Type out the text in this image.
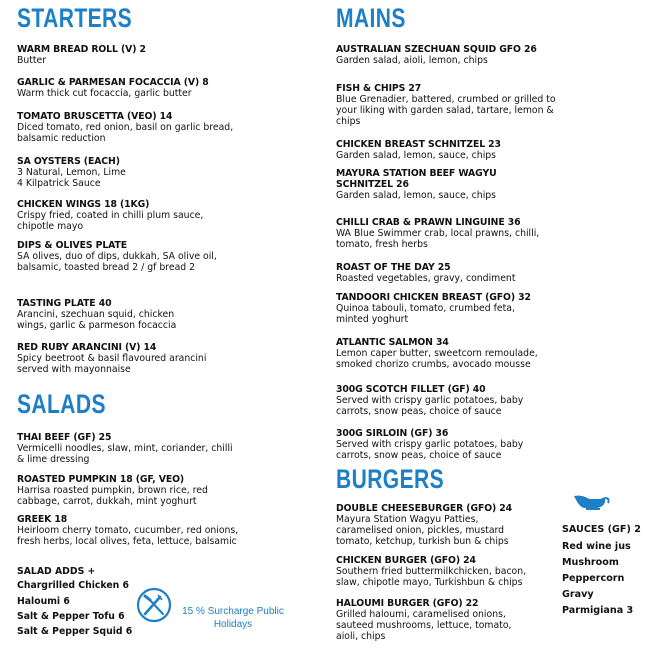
STARTERS
WARM BREAD ROLL (V) 2
Butter
GARLIC & PARMESAN FOCACCIA (V) 8
Warm thick cut focaccia, garlic butter
TOMATO BRUSCETTA (VEO) 14
Diced tomato, red onion, basil on garlic bread, balsamic reduction
SA OYSTERS (EACH)
3 Natural, Lemon, Lime
4 Kilpatrick Sauce
CHICKEN WINGS 18 (1KG)
Crispy fried, coated in chilli plum sauce, chipotle mayo
DIPS & OLIVES PLATE
SA olives, duo of dips, dukkah, SA olive oil, balsamic, toasted bread 2 / gf bread 2
TASTING PLATE 40
Arancini, szechuan squid, chicken wings, garlic & parmeson focaccia
RED RUBY ARANCINI (V) 14
Spicy beetroot & basil flavoured arancini served with mayonnaise
SALADS
THAI BEEF (GF) 25
Vermicelli noodles, slaw, mint, coriander, chilli & lime dressing
ROASTED PUMPKIN 18 (GF, VEO)
Harrisa roasted pumpkin, brown rice, red cabbage, carrot, dukkah, mint yoghurt
GREEK 18
Heirloom cherry tomato, cucumber, red onions, fresh herbs, local olives, feta, lettuce, balsamic
SALAD ADDS +
Chargrilled Chicken 6
Haloumi 6
Salt & Pepper Tofu 6
Salt & Pepper Squid 6
15 % Surcharge Public
Holidays
MAINS
AUSTRALIAN SZECHUAN SQUID GFO 26
Garden salad, aioli, lemon, chips
FISH & CHIPS 27
Blue Grenadier, battered, crumbed or grilled to your liking with garden salad, tartare, lemon & chips
CHICKEN BREAST SCHNITZEL 23
Garden salad, lemon, sauce, chips
MAYURA STATION BEEF WAGYU
SCHNITZEL 26
Garden salad, lemon, sauce, chips
CHILLI CRAB & PRAWN LINGUINE 36
WA Blue Swimmer crab, local prawns, chilli, tomato, fresh herbs
ROAST OF THE DAY 25
Roasted vegetables, gravy, condiment
TANDOORI CHICKEN BREAST (GFO) 32
Quinoa tabouli, tomato, crumbed feta, minted yoghurt
ATLANTIC SALMON 34
Lemon caper butter, sweetcorn remoulade, smoked chorizo crumbs, avocado mousse
300G SCOTCH FILLET (GF) 40
Served with crispy garlic potatoes, baby carrots, snow peas, choice of sauce
300G SIRLOIN (GF) 36
Served with crispy garlic potatoes, baby carrots, snow peas, choice of sauce
BURGERS
DOUBLE CHEESEBURGER (GFO) 24
Mayura Station Wagyu Patties, caramelised onion, pickles, mustard tomato, ketchup, turkish bun & chips
CHICKEN BURGER (GFO) 24
Southern fried buttermilkchicken, bacon, slaw, chipotle mayo, Turkishbun & chips
HALOUMI BURGER (GFO) 22
Grilled haloumi, caramelised onions, sauteed mushrooms, lettuce, tomato, aioli, chips
SAUCES (GF) 2
Red wine jus
Mushroom
Peppercorn
Gravy
Parmigiana 3
